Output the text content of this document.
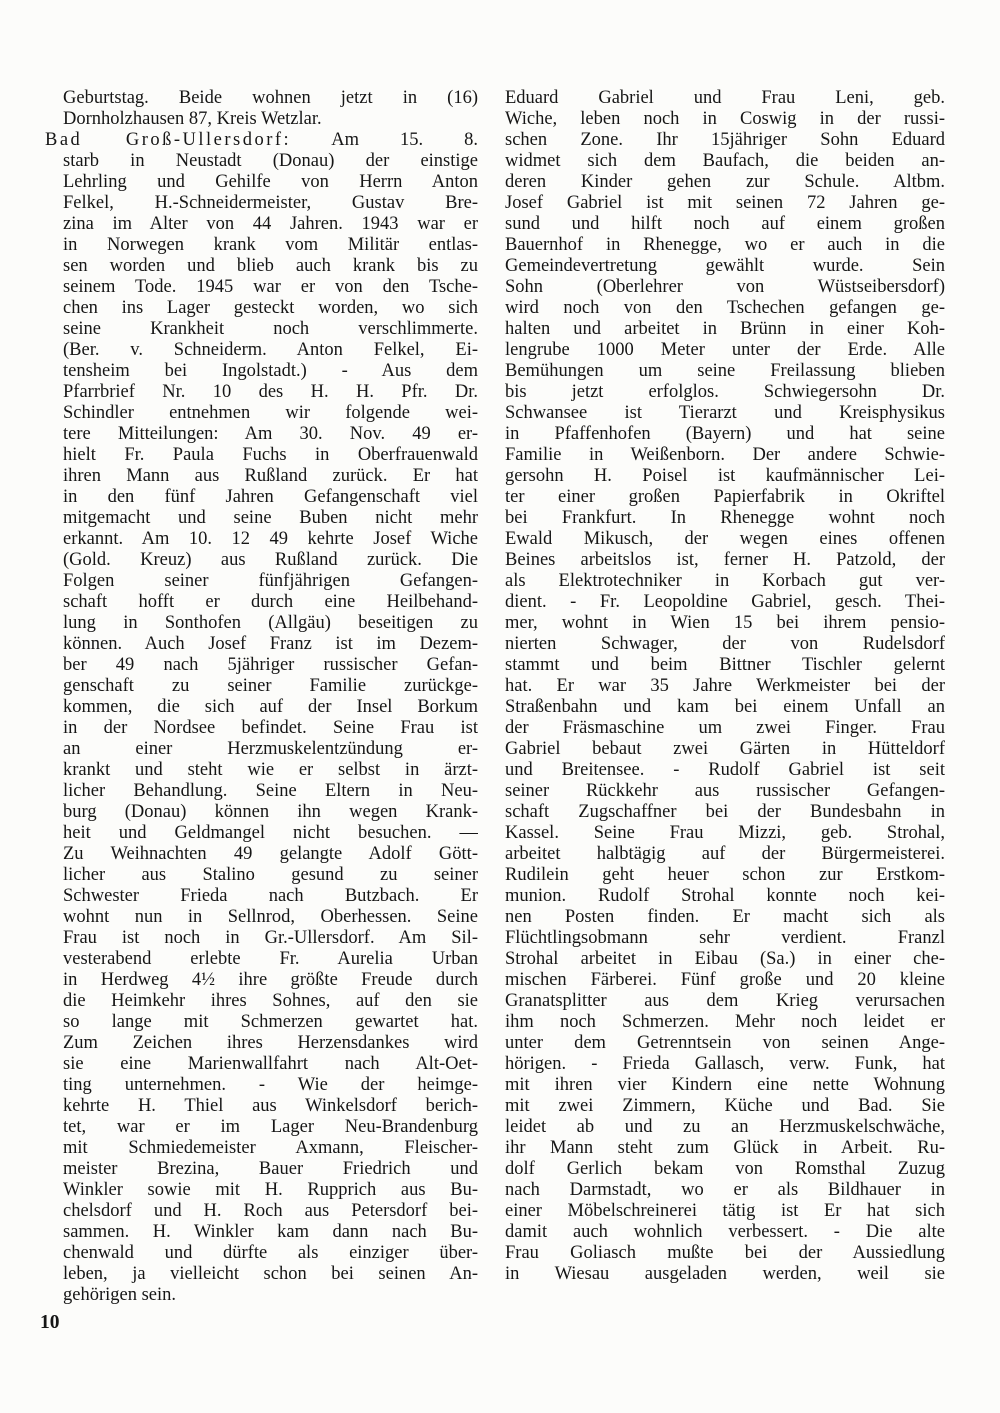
Geburtstag. Beide wohnen jetzt in (16)
Dornholzhausen 87, Kreis Wetzlar.
Bad Groß-Ullersdorf: Am 15. 8.
starb in Neustadt (Donau) der einstige
Lehrling und Gehilfe von Herrn Anton
Felkel, H.-Schneidermeister, Gustav Bre-
zina im Alter von 44 Jahren. 1943 war er
in Norwegen krank vom Militär entlas-
sen worden und blieb auch krank bis zu
seinem Tode. 1945 war er von den Tsche-
chen ins Lager gesteckt worden, wo sich
seine Krankheit noch verschlimmerte.
(Ber. v. Schneiderm. Anton Felkel, Ei-
tensheim bei Ingolstadt.) - Aus dem
Pfarrbrief Nr. 10 des H. H. Pfr. Dr.
Schindler entnehmen wir folgende wei-
tere Mitteilungen: Am 30. Nov. 49 er-
hielt Fr. Paula Fuchs in Oberfrauenwald
ihren Mann aus Rußland zurück. Er hat
in den fünf Jahren Gefangenschaft viel
mitgemacht und seine Buben nicht mehr
erkannt. Am 10. 12 49 kehrte Josef Wiche
(Gold. Kreuz) aus Rußland zurück. Die
Folgen seiner fünfjährigen Gefangen-
schaft hofft er durch eine Heilbehand-
lung in Sonthofen (Allgäu) beseitigen zu
können. Auch Josef Franz ist im Dezem-
ber 49 nach 5jähriger russischer Gefan-
genschaft zu seiner Familie zurückge-
kommen, die sich auf der Insel Borkum
in der Nordsee befindet. Seine Frau ist
an einer Herzmuskelentzündung er-
krankt und steht wie er selbst in ärzt-
licher Behandlung. Seine Eltern in Neu-
burg (Donau) können ihn wegen Krank-
heit und Geldmangel nicht besuchen. —
Zu Weihnachten 49 gelangte Adolf Gött-
licher aus Stalino gesund zu seiner
Schwester Frieda nach Butzbach. Er
wohnt nun in Sellnrod, Oberhessen. Seine
Frau ist noch in Gr.-Ullersdorf. Am Sil-
vesterabend erlebte Fr. Aurelia Urban
in Herdweg 4½ ihre größte Freude durch
die Heimkehr ihres Sohnes, auf den sie
so lange mit Schmerzen gewartet hat.
Zum Zeichen ihres Herzensdankes wird
sie eine Marienwallfahrt nach Alt-Oet-
ting unternehmen. - Wie der heimge-
kehrte H. Thiel aus Winkelsdorf berich-
tet, war er im Lager Neu-Brandenburg
mit Schmiedemeister Axmann, Fleischer-
meister Brezina, Bauer Friedrich und
Winkler sowie mit H. Rupprich aus Bu-
chelsdorf und H. Roch aus Petersdorf bei-
sammen. H. Winkler kam dann nach Bu-
chenwald und dürfte als einziger über-
leben, ja vielleicht schon bei seinen An-
gehörigen sein.
Eduard Gabriel und Frau Leni, geb.
Wiche, leben noch in Coswig in der russi-
schen Zone. Ihr 15jähriger Sohn Eduard
widmet sich dem Baufach, die beiden an-
deren Kinder gehen zur Schule. Altbm.
Josef Gabriel ist mit seinen 72 Jahren ge-
sund und hilft noch auf einem großen
Bauernhof in Rhenegge, wo er auch in die
Gemeindevertretung gewählt wurde. Sein
Sohn (Oberlehrer von Wüstseibersdorf)
wird noch von den Tschechen gefangen ge-
halten und arbeitet in Brünn in einer Koh-
lengrube 1000 Meter unter der Erde. Alle
Bemühungen um seine Freilassung blieben
bis jetzt erfolglos. Schwiegersohn Dr.
Schwansee ist Tierarzt und Kreisphysikus
in Pfaffenhofen (Bayern) und hat seine
Familie in Weißenborn. Der andere Schwie-
gersohn H. Poisel ist kaufmännischer Lei-
ter einer großen Papierfabrik in Okriftel
bei Frankfurt. In Rhenegge wohnt noch
Ewald Mikusch, der wegen eines offenen
Beines arbeitslos ist, ferner H. Patzold, der
als Elektrotechniker in Korbach gut ver-
dient. - Fr. Leopoldine Gabriel, gesch. Thei-
mer, wohnt in Wien 15 bei ihrem pensio-
nierten Schwager, der von Rudelsdorf
stammt und beim Bittner Tischler gelernt
hat. Er war 35 Jahre Werkmeister bei der
Straßenbahn und kam bei einem Unfall an
der Fräsmaschine um zwei Finger. Frau
Gabriel bebaut zwei Gärten in Hütteldorf
und Breitensee. - Rudolf Gabriel ist seit
seiner Rückkehr aus russischer Gefangen-
schaft Zugschaffner bei der Bundesbahn in
Kassel. Seine Frau Mizzi, geb. Strohal,
arbeitet halbtägig auf der Bürgermeisterei.
Rudilein geht heuer schon zur Erstkom-
munion. Rudolf Strohal konnte noch kei-
nen Posten finden. Er macht sich als
Flüchtlingsobmann sehr verdient. Franzl
Strohal arbeitet in Eibau (Sa.) in einer che-
mischen Färberei. Fünf große und 20 kleine
Granatsplitter aus dem Krieg verursachen
ihm noch Schmerzen. Mehr noch leidet er
unter dem Getrenntsein von seinen Ange-
hörigen. - Frieda Gallasch, verw. Funk, hat
mit ihren vier Kindern eine nette Wohnung
mit zwei Zimmern, Küche und Bad. Sie
leidet ab und zu an Herzmuskelschwäche,
ihr Mann steht zum Glück in Arbeit. Ru-
dolf Gerlich bekam von Romsthal Zuzug
nach Darmstadt, wo er als Bildhauer in
einer Möbelschreinerei tätig ist Er hat sich
damit auch wohnlich verbessert. - Die alte
Frau Goliasch mußte bei der Aussiedlung
in Wiesau ausgeladen werden, weil sie
10
